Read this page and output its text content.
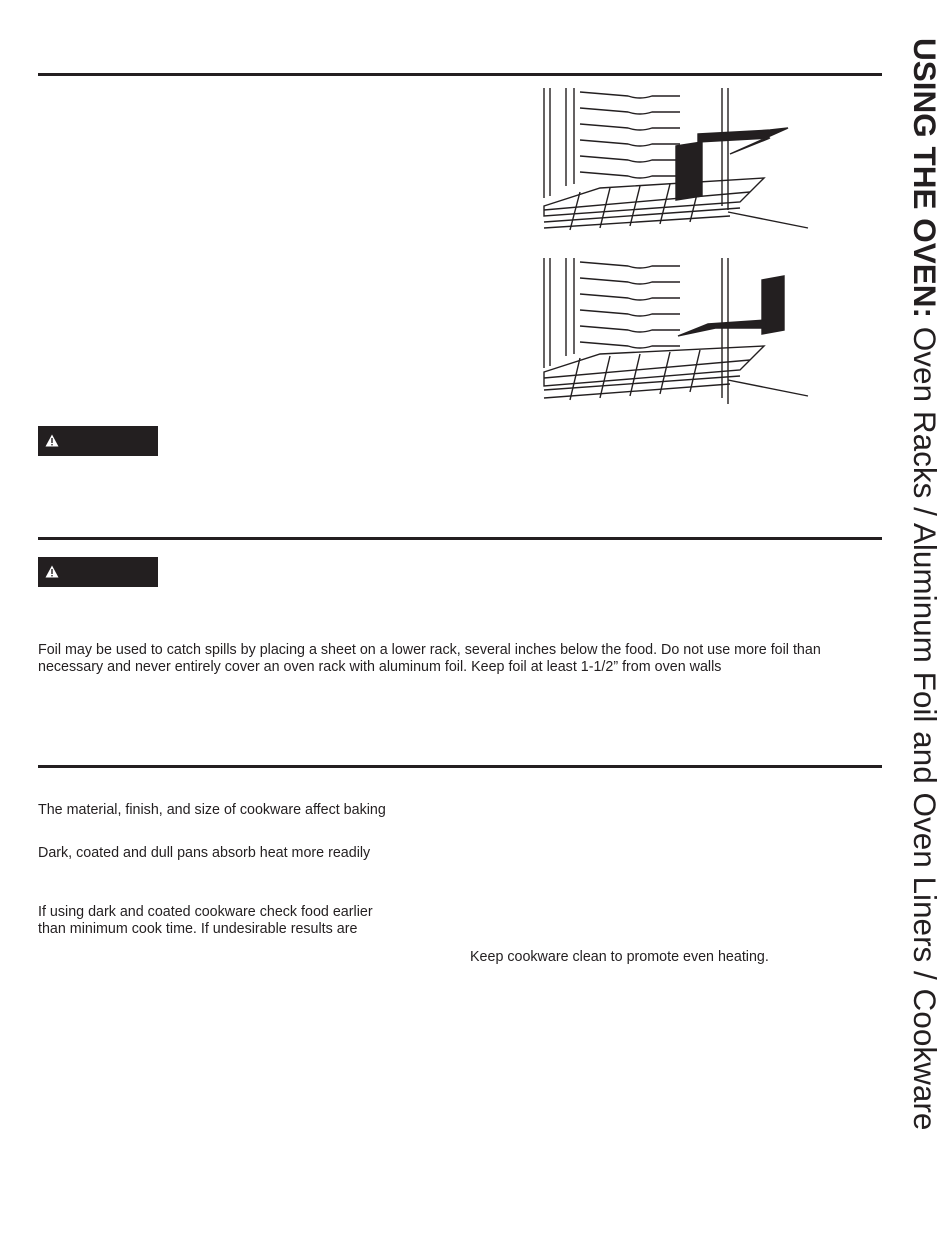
Foil may be used to catch spills by placing a sheet on a lower rack, several inches below the food. Do not use more foil than necessary and never entirely cover an oven rack with aluminum foil. Keep foil at least 1-1/2” from oven walls

The material, finish, and size of cookware affect baking

Dark, coated and dull pans absorb heat more readily

If using dark and coated cookware check food earlier

than minimum cook time. If undesirable results are

Keep cookware clean to promote even heating.

USING THE OVEN: Oven Racks / Aluminum Foil and Oven Liners / Cookware
